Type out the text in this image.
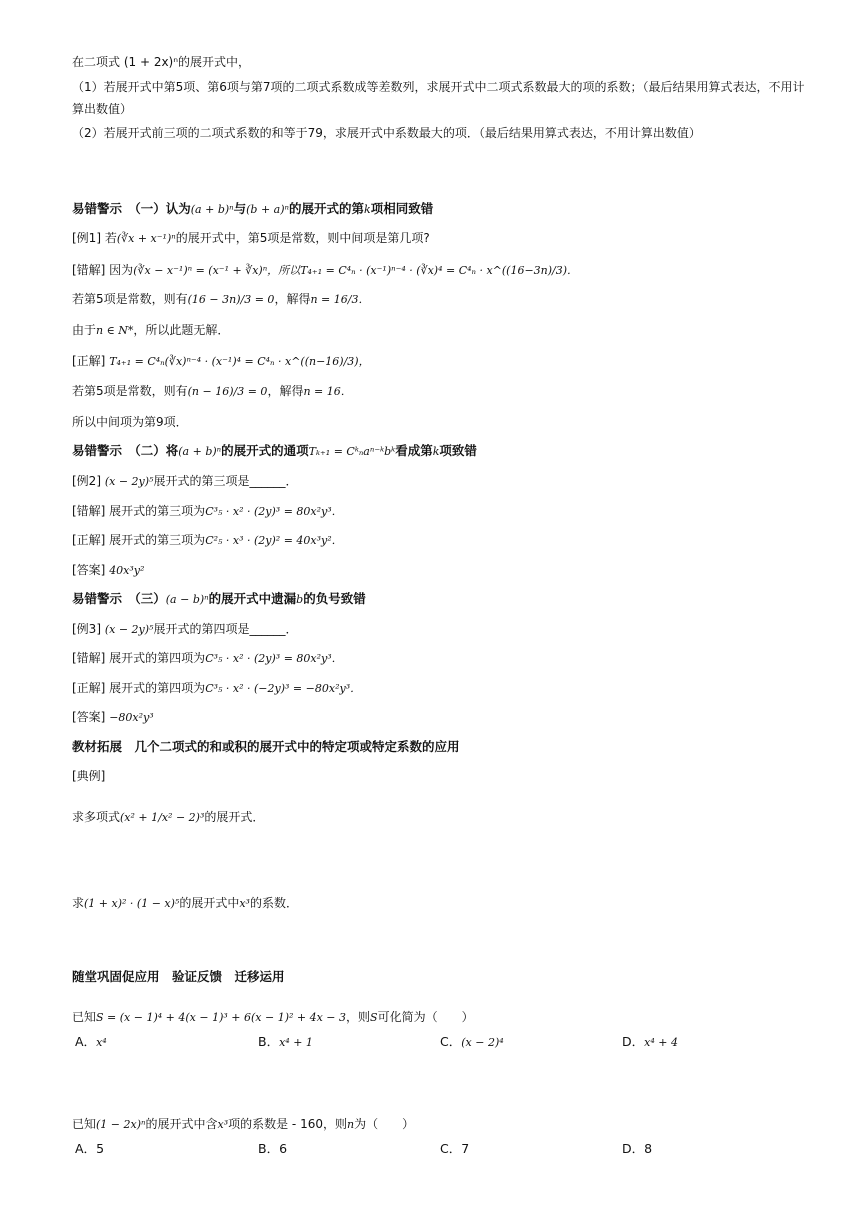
在二项式 (1 + 2x)ⁿ的展开式中，
（1）若展开式中第5项、第6项与第7项的二项式系数成等差数列，求展开式中二项式系数最大的项的系数；（最后结果用算式表达，不用计
算出数值）
（2）若展开式前三项的二项式系数的和等于79，求展开式中系数最大的项．（最后结果用算式表达，不用计算出数值）
易错警示　（一）认为(a + b)ⁿ与(b + a)ⁿ的展开式的第k项相同致错
[例1] 若(∛x + x⁻¹)ⁿ的展开式中，第5项是常数，则中间项是第几项?
[错解] 因为(∛x − x⁻¹)ⁿ = (x⁻¹ + ∛x)ⁿ，所以T₄₊₁ = C⁴ₙ · (x⁻¹)ⁿ⁻⁴ · (∛x)⁴ = C⁴ₙ · x^((16−3n)/3)．
若第5项是常数，则有(16 − 3n)/3 = 0，解得n = 16/3．
由于n ∈ N*，所以此题无解．
[正解] T₄₊₁ = C⁴ₙ(∛x)ⁿ⁻⁴ · (x⁻¹)⁴ = C⁴ₙ · x^((n−16)/3)，
若第5项是常数，则有(n − 16)/3 = 0，解得n = 16．
所以中间项为第9项．
易错警示　（二）将(a + b)ⁿ的展开式的通项Tₖ₊₁ = Cᵏₙaⁿ⁻ᵏbᵏ看成第k项致错
[例2] (x − 2y)⁵展开式的第三项是______．
[错解] 展开式的第三项为C³₅ · x² · (2y)³ = 80x²y³．
[正解] 展开式的第三项为C²₅ · x³ · (2y)² = 40x³y²．
[答案] 40x³y²
易错警示　（三）(a − b)ⁿ的展开式中遗漏b的负号致错
[例3] (x − 2y)⁵展开式的第四项是______．
[错解] 展开式的第四项为C³₅ · x² · (2y)³ = 80x²y³．
[正解] 展开式的第四项为C³₅ · x² · (−2y)³ = −80x²y³．
[答案] −80x²y³
教材拓展　几个二项式的和或积的展开式中的特定项或特定系数的应用
[典例]
求多项式(x² + 1/x² − 2)³的展开式．
求(1 + x)² · (1 − x)⁵的展开式中x³的系数．
随堂巩固促应用　验证反馈　迁移运用
已知S = (x − 1)⁴ + 4(x − 1)³ + 6(x − 1)² + 4x − 3，则S可化简为（　　）
A．x⁴	B．x⁴ + 1	C．(x − 2)⁴	D．x⁴ + 4
已知(1 − 2x)ⁿ的展开式中含x³项的系数是 - 160，则n为（　　）
A．5	B．6	C．7	D．8
